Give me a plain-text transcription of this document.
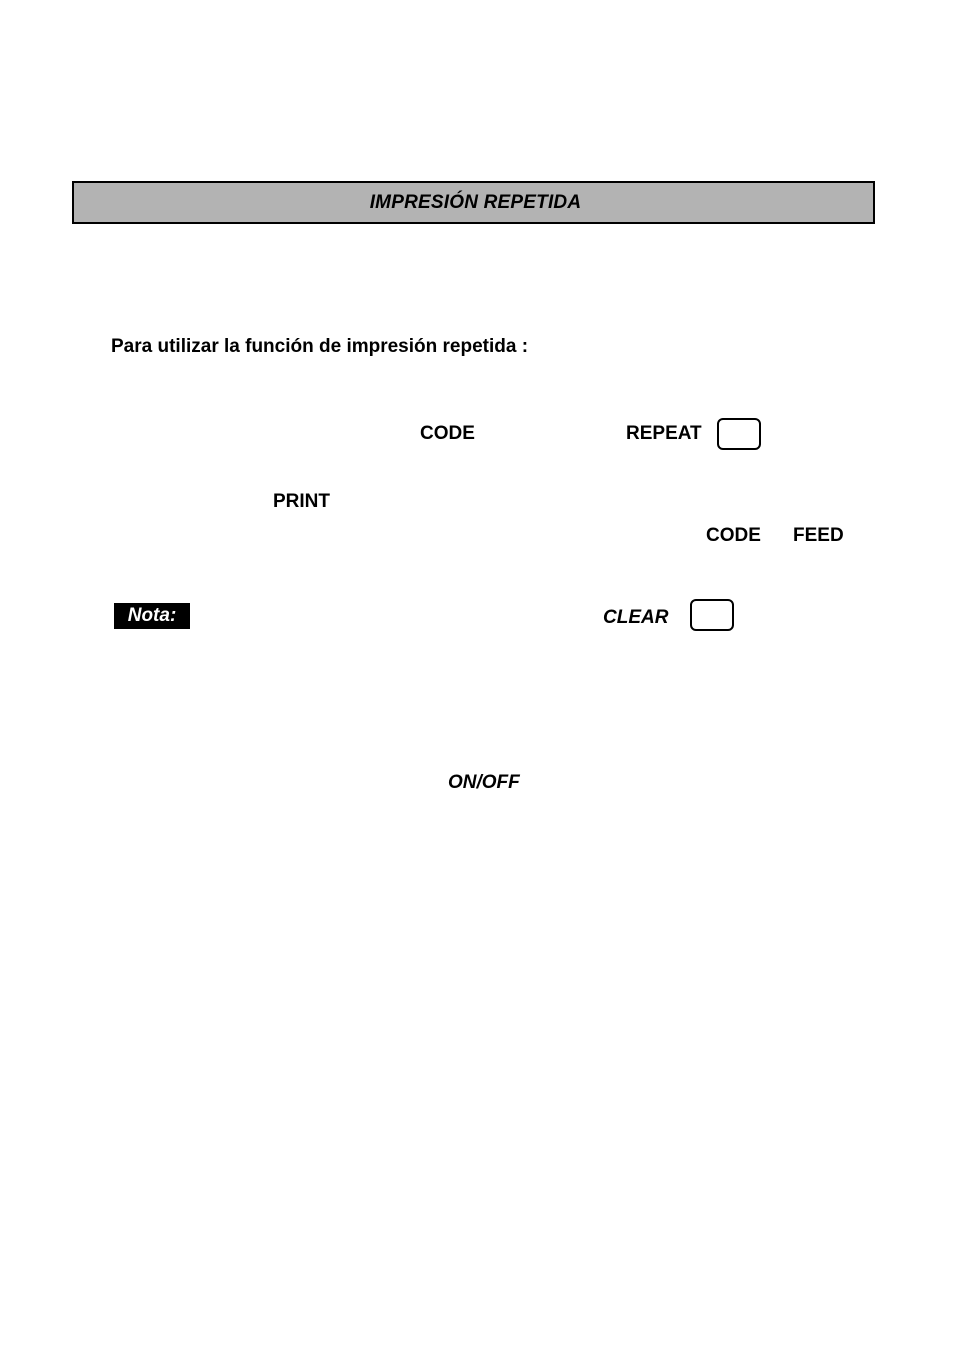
IMPRESIÓN REPETIDA
Para utilizar la función de impresión repetida :
CODE	REPEAT
PRINT
CODE FEED
Nota:	CLEAR
ON/OFF
